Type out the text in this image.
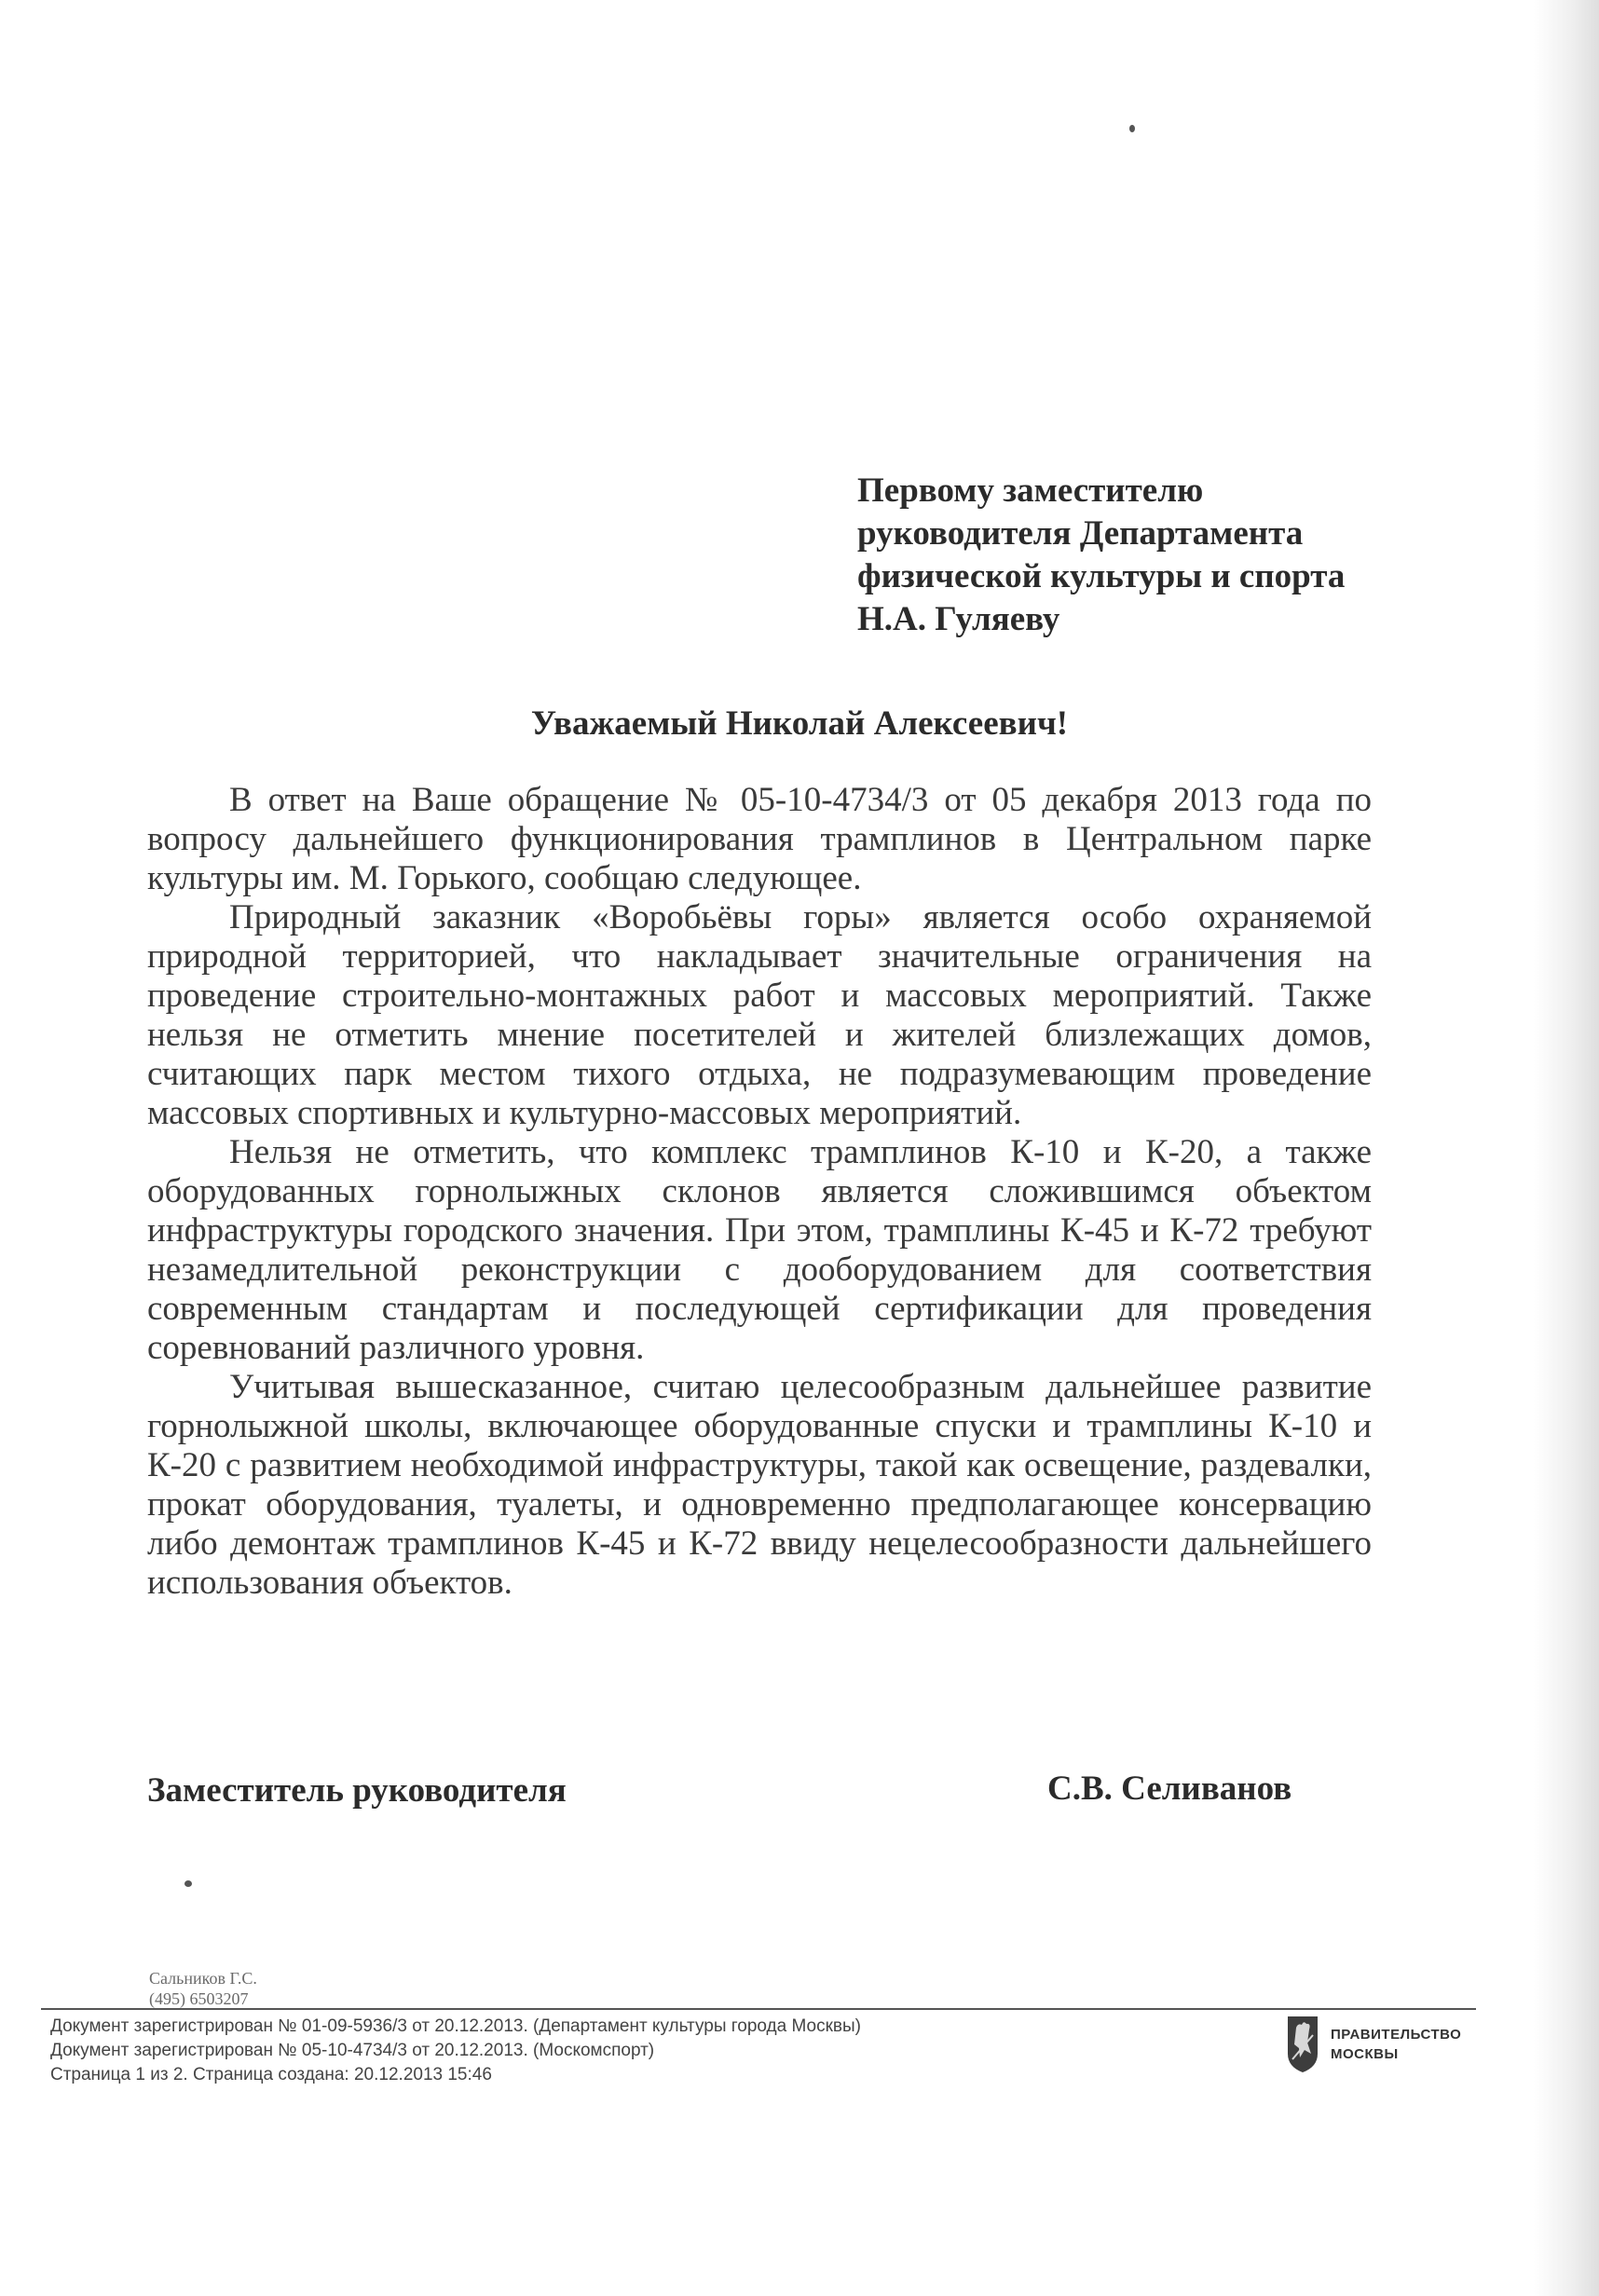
Первому заместителю
руководителя Департамента
физической культуры и спорта
Н.А. Гуляеву
Уважаемый Николай Алексеевич!

В ответ на Ваше обращение № 05-10-4734/3 от 05 декабря 2013 года по вопросу дальнейшего функционирования трамплинов в Центральном парке культуры им. М. Горького, сообщаю следующее.

Природный заказник «Воробьёвы горы» является особо охраняемой природной территорией, что накладывает значительные ограничения на проведение строительно-монтажных работ и массовых мероприятий. Также нельзя не отметить мнение посетителей и жителей близлежащих домов, считающих парк местом тихого отдыха, не подразумевающим проведение массовых спортивных и культурно-массовых мероприятий.

Нельзя не отметить, что комплекс трамплинов К-10 и К-20, а также оборудованных горнолыжных склонов является сложившимся объектом инфраструктуры городского значения. При этом, трамплины К-45 и К-72 требуют незамедлительной реконструкции с дооборудованием для соответствия современным стандартам и последующей сертификации для проведения соревнований различного уровня.

Учитывая вышесказанное, считаю целесообразным дальнейшее развитие горнолыжной школы, включающее оборудованные спуски и трамплины К-10 и К-20 с развитием необходимой инфраструктуры, такой как освещение, раздевалки, прокат оборудования, туалеты, и одновременно предполагающее консервацию либо демонтаж трамплинов К-45 и К-72 ввиду нецелесообразности дальнейшего использования объектов.

Заместитель руководителя	С.В. Селиванов
Сальников Г.С.
(495) 6503207
Документ зарегистрирован № 01-09-5936/3 от 20.12.2013. (Департамент культуры города Москвы)
Документ зарегистрирован № 05-10-4734/3 от 20.12.2013. (Москомспорт)
Страница 1 из 2. Страница создана: 20.12.2013 15:46
ПРАВИТЕЛЬСТВО
МОСКВЫ
